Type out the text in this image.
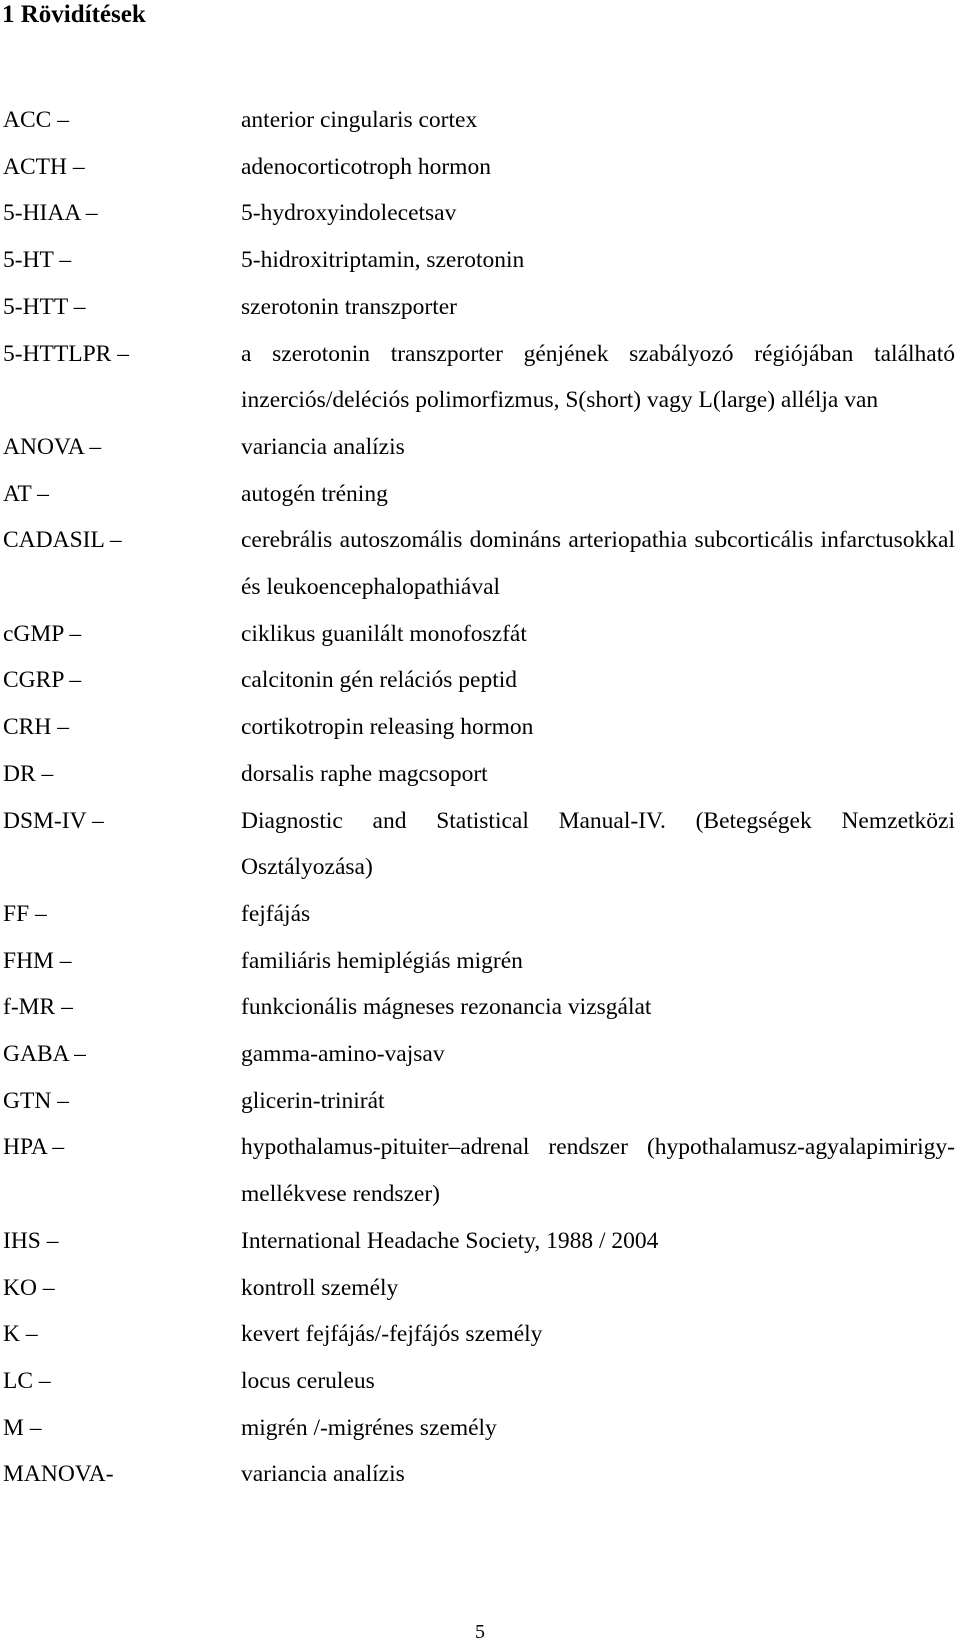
1 Rövidítések
ACC –	anterior cingularis cortex
ACTH –	adenocorticotroph hormon
5-HIAA –	5-hydroxyindolecetsav
5-HT –	5-hidroxitriptamin, szerotonin
5-HTT –	szerotonin transzporter
5-HTTLPR –	a szerotonin transzporter génjének szabályozó régiójában található inzerciós/deléciós polimorfizmus, S(short) vagy L(large) allélja van
ANOVA –	variancia analízis
AT –	autogén tréning
CADASIL –	cerebrális autoszomális domináns arteriopathia subcorticális infarctusokkal és leukoencephalopathiával
cGMP –	ciklikus guanilált monofoszfát
CGRP –	calcitonin gén relációs peptid
CRH –	cortikotropin releasing hormon
DR –	dorsalis raphe magcsoport
DSM-IV –	Diagnostic and Statistical Manual-IV. (Betegségek Nemzetközi Osztályozása)
FF –	fejfájás
FHM –	familiáris hemiplégiás migrén
f-MR –	funkcionális mágneses rezonancia vizsgálat
GABA –	gamma-amino-vajsav
GTN –	glicerin-trinirát
HPA –	hypothalamus-pituiter–adrenal rendszer (hypothalamusz-agyalapimirigy-mellékvese rendszer)
IHS –	International Headache Society, 1988 / 2004
KO –	kontroll személy
K –	kevert fejfájás/-fejfájós személy
LC –	locus ceruleus
M –	migrén /-migrénes személy
MANOVA-	variancia analízis
5
